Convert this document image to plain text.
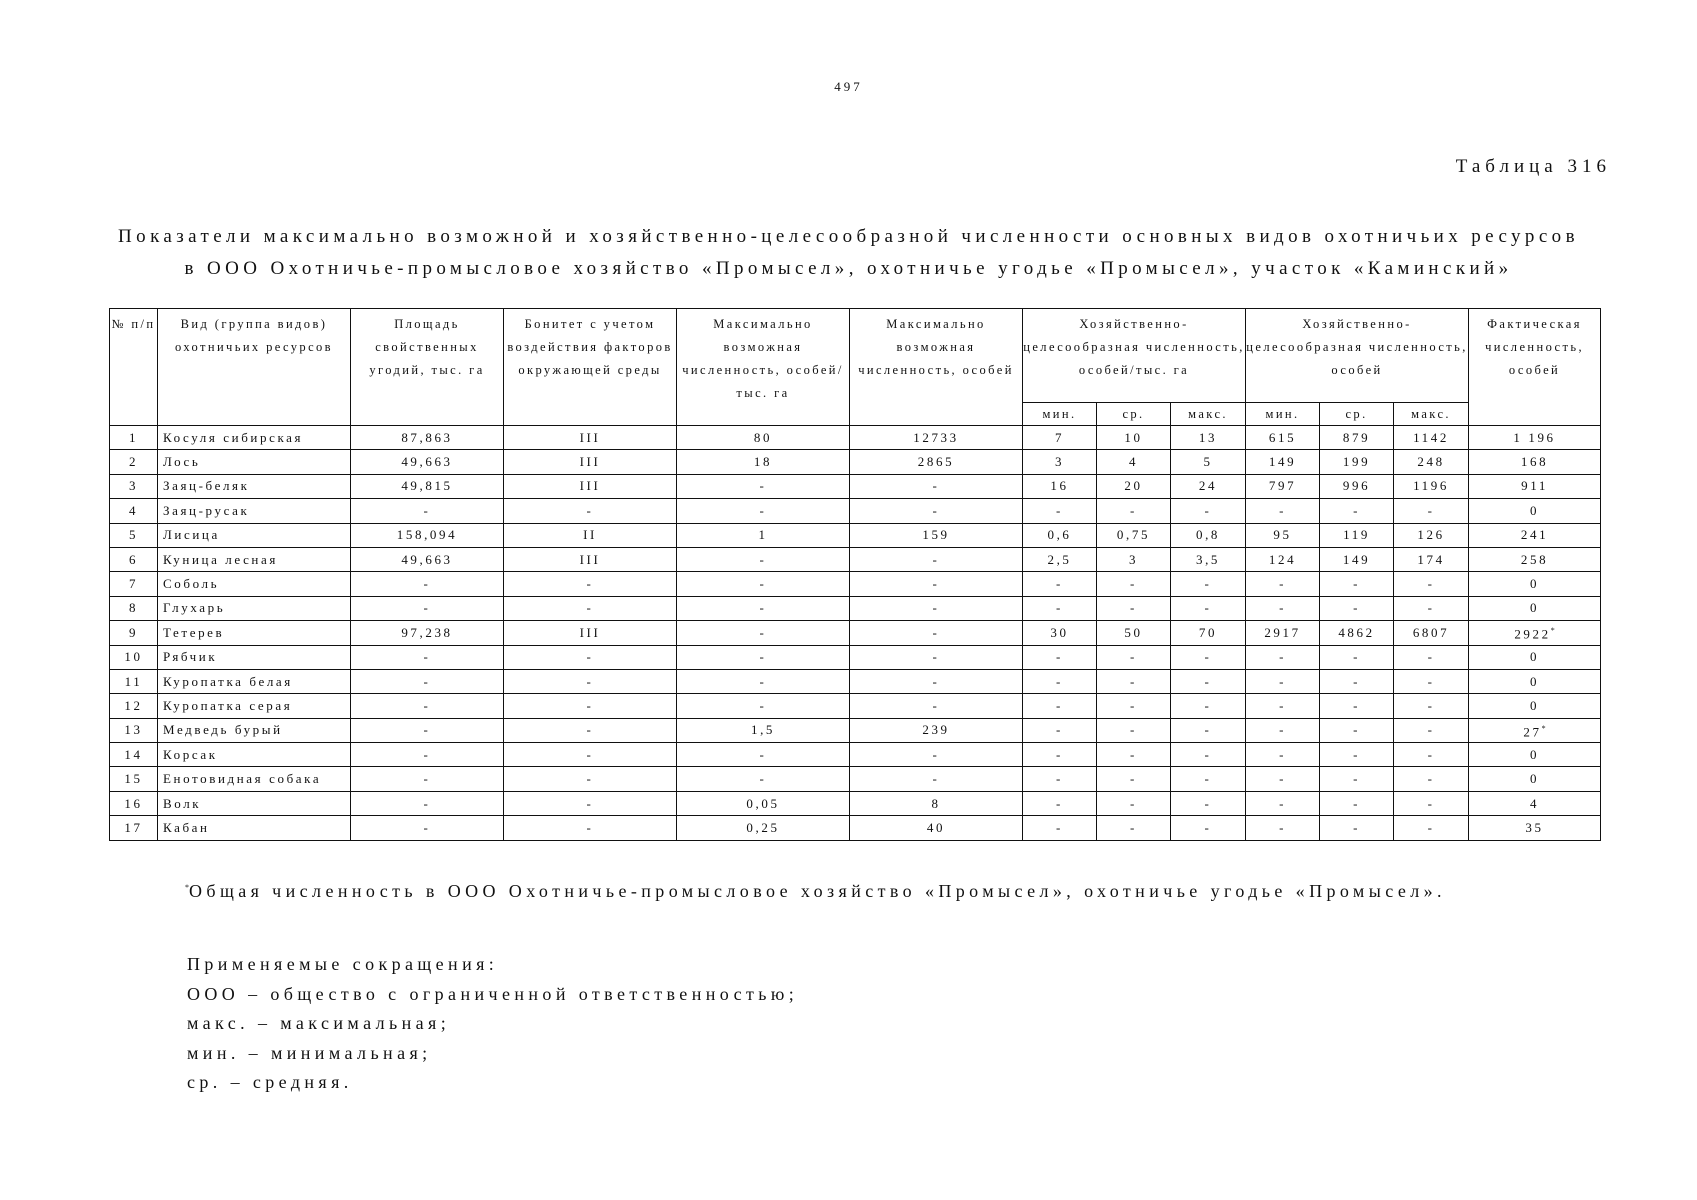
497
Таблица 316
Показатели максимально возможной и хозяйственно-целесообразной численности основных видов охотничьих ресурсов
в ООО Охотничье-промысловое хозяйство «Промысел», охотничье угодье «Промысел», участок «Каминский»
№ п/п	Вид (группа видов) охотничьих ресурсов	Площадь свойственных угодий, тыс. га	Бонитет с учетом воздействия факторов окружающей среды	Максимально возможная численность, особей/тыс. га	Максимально возможная численность, особей	Хозяйственно-целесообразная численность, особей/тыс. га			Хозяйственно-целесообразная численность, особей			Фактическая численность, особей
						мин.	ср.	макс.	мин.	ср.	макс.	
1	Косуля сибирская	87,863	III	80	12733	7	10	13	615	879	1142	1 196
2	Лось	49,663	III	18	2865	3	4	5	149	199	248	168
3	Заяц-беляк	49,815	III	-	-	16	20	24	797	996	1196	911
4	Заяц-русак	-	-	-	-	-	-	-	-	-	-	0
5	Лисица	158,094	II	1	159	0,6	0,75	0,8	95	119	126	241
6	Куница лесная	49,663	III	-	-	2,5	3	3,5	124	149	174	258
7	Соболь	-	-	-	-	-	-	-	-	-	-	0
8	Глухарь	-	-	-	-	-	-	-	-	-	-	0
9	Тетерев	97,238	III	-	-	30	50	70	2917	4862	6807	2922*
10	Рябчик	-	-	-	-	-	-	-	-	-	-	0
11	Куропатка белая	-	-	-	-	-	-	-	-	-	-	0
12	Куропатка серая	-	-	-	-	-	-	-	-	-	-	0
13	Медведь бурый	-	-	1,5	239	-	-	-	-	-	-	27*
14	Корсак	-	-	-	-	-	-	-	-	-	-	0
15	Енотовидная собака	-	-	-	-	-	-	-	-	-	-	0
16	Волк	-	-	0,05	8	-	-	-	-	-	-	4
17	Кабан	-	-	0,25	40	-	-	-	-	-	-	35
*Общая численность в ООО Охотничье-промысловое хозяйство «Промысел», охотничье угодье «Промысел».
Применяемые сокращения:
ООО – общество с ограниченной ответственностью;
макс. – максимальная;
мин. – минимальная;
ср. – средняя.
